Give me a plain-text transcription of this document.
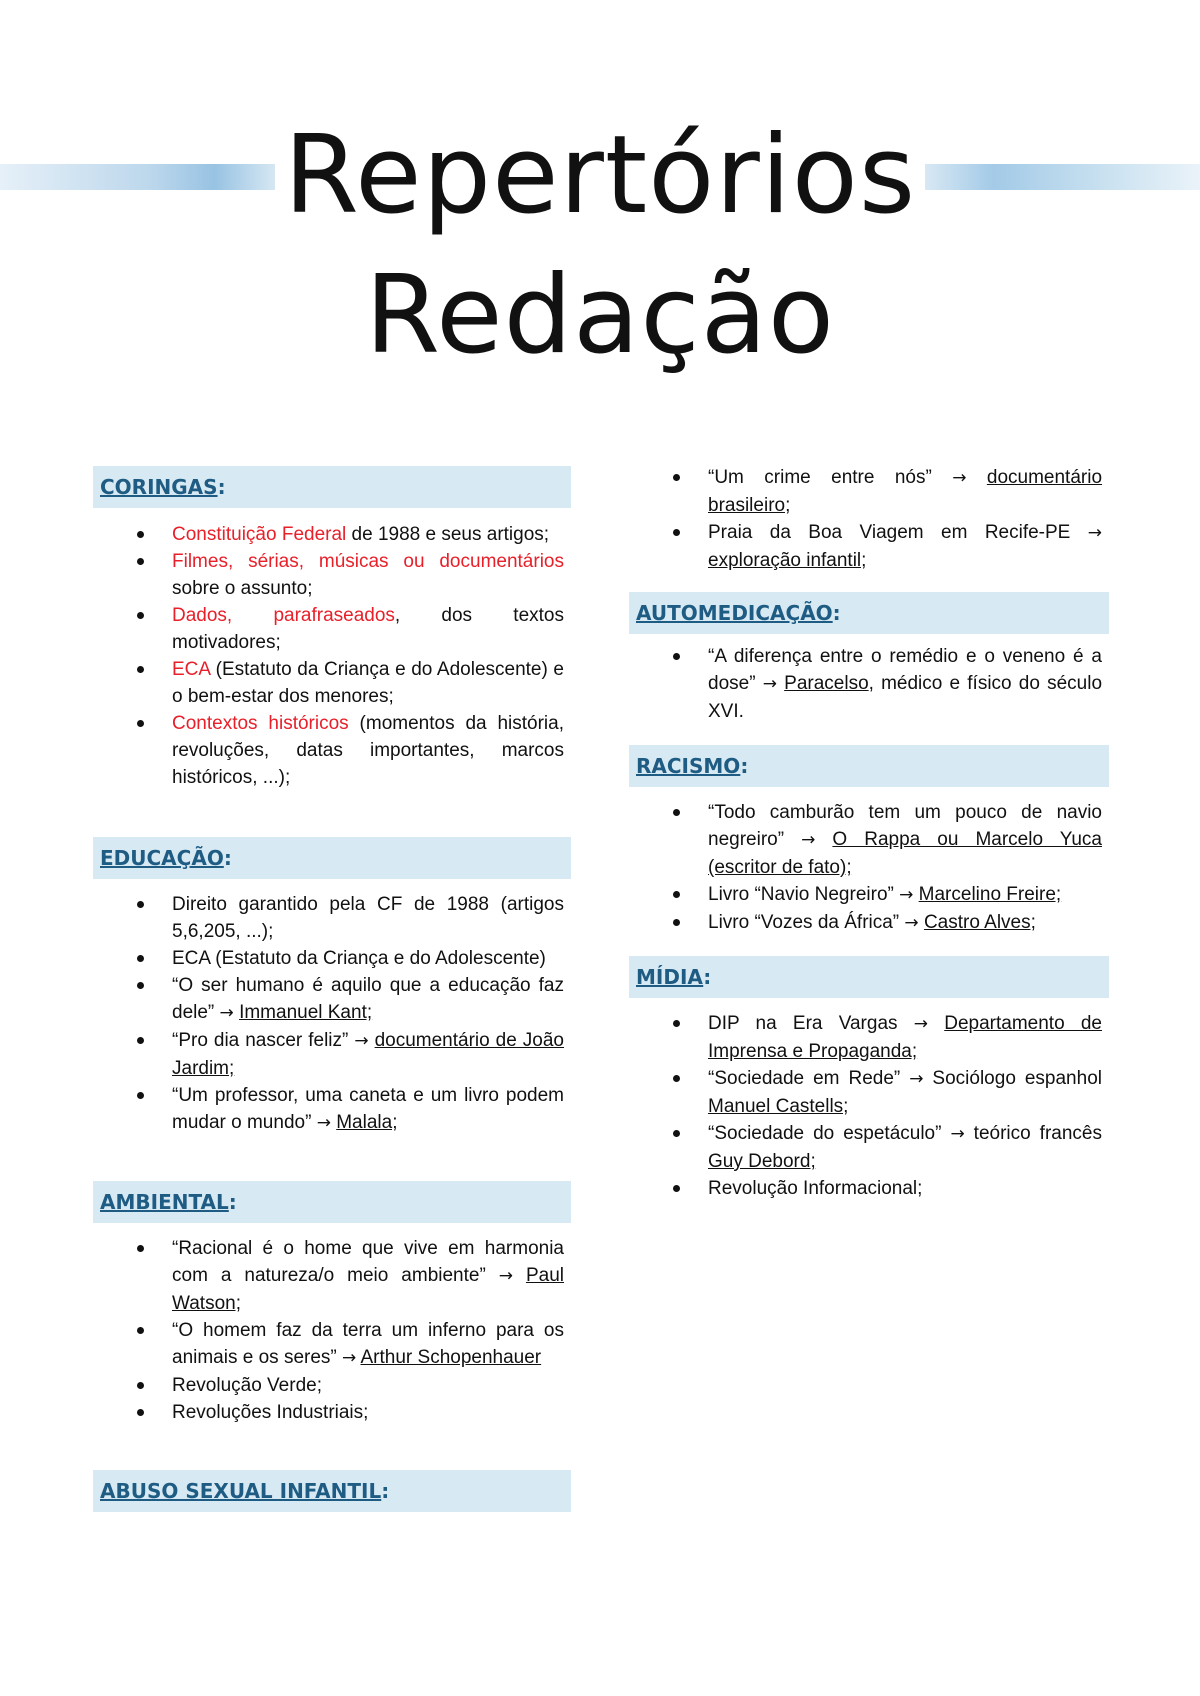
Repertórios
Redação
CORINGAS:
Constituição Federal de 1988 e seus artigos;
Filmes, sérias, músicas ou documentários sobre o assunto;
Dados, parafraseados, dos textos motivadores;
ECA (Estatuto da Criança e do Adolescente) e o bem-estar dos menores;
Contextos históricos (momentos da história, revoluções, datas importantes, marcos históricos, ...);
EDUCAÇÃO:
Direito garantido pela CF de 1988 (artigos 5,6,205, ...);
ECA (Estatuto da Criança e do Adolescente)
“O ser humano é aquilo que a educação faz dele” → Immanuel Kant;
“Pro dia nascer feliz” → documentário de João Jardim;
“Um professor, uma caneta e um livro podem mudar o mundo” → Malala;
AMBIENTAL:
“Racional é o home que vive em harmonia com a natureza/o meio ambiente” → Paul Watson;
“O homem faz da terra um inferno para os animais e os seres” → Arthur Schopenhauer
Revolução Verde;
Revoluções Industriais;
ABUSO SEXUAL INFANTIL:
“Um crime entre nós” → documentário brasileiro;
Praia da Boa Viagem em Recife-PE → exploração infantil;
AUTOMEDICAÇÃO:
“A diferença entre o remédio e o veneno é a dose” → Paracelso, médico e físico do século XVI.
RACISMO:
“Todo camburão tem um pouco de navio negreiro” → O Rappa ou Marcelo Yuca (escritor de fato);
Livro “Navio Negreiro” → Marcelino Freire;
Livro “Vozes da África” → Castro Alves;
MÍDIA:
DIP na Era Vargas → Departamento de Imprensa e Propaganda;
“Sociedade em Rede” → Sociólogo espanhol Manuel Castells;
“Sociedade do espetáculo” → teórico francês Guy Debord;
Revolução Informacional;
